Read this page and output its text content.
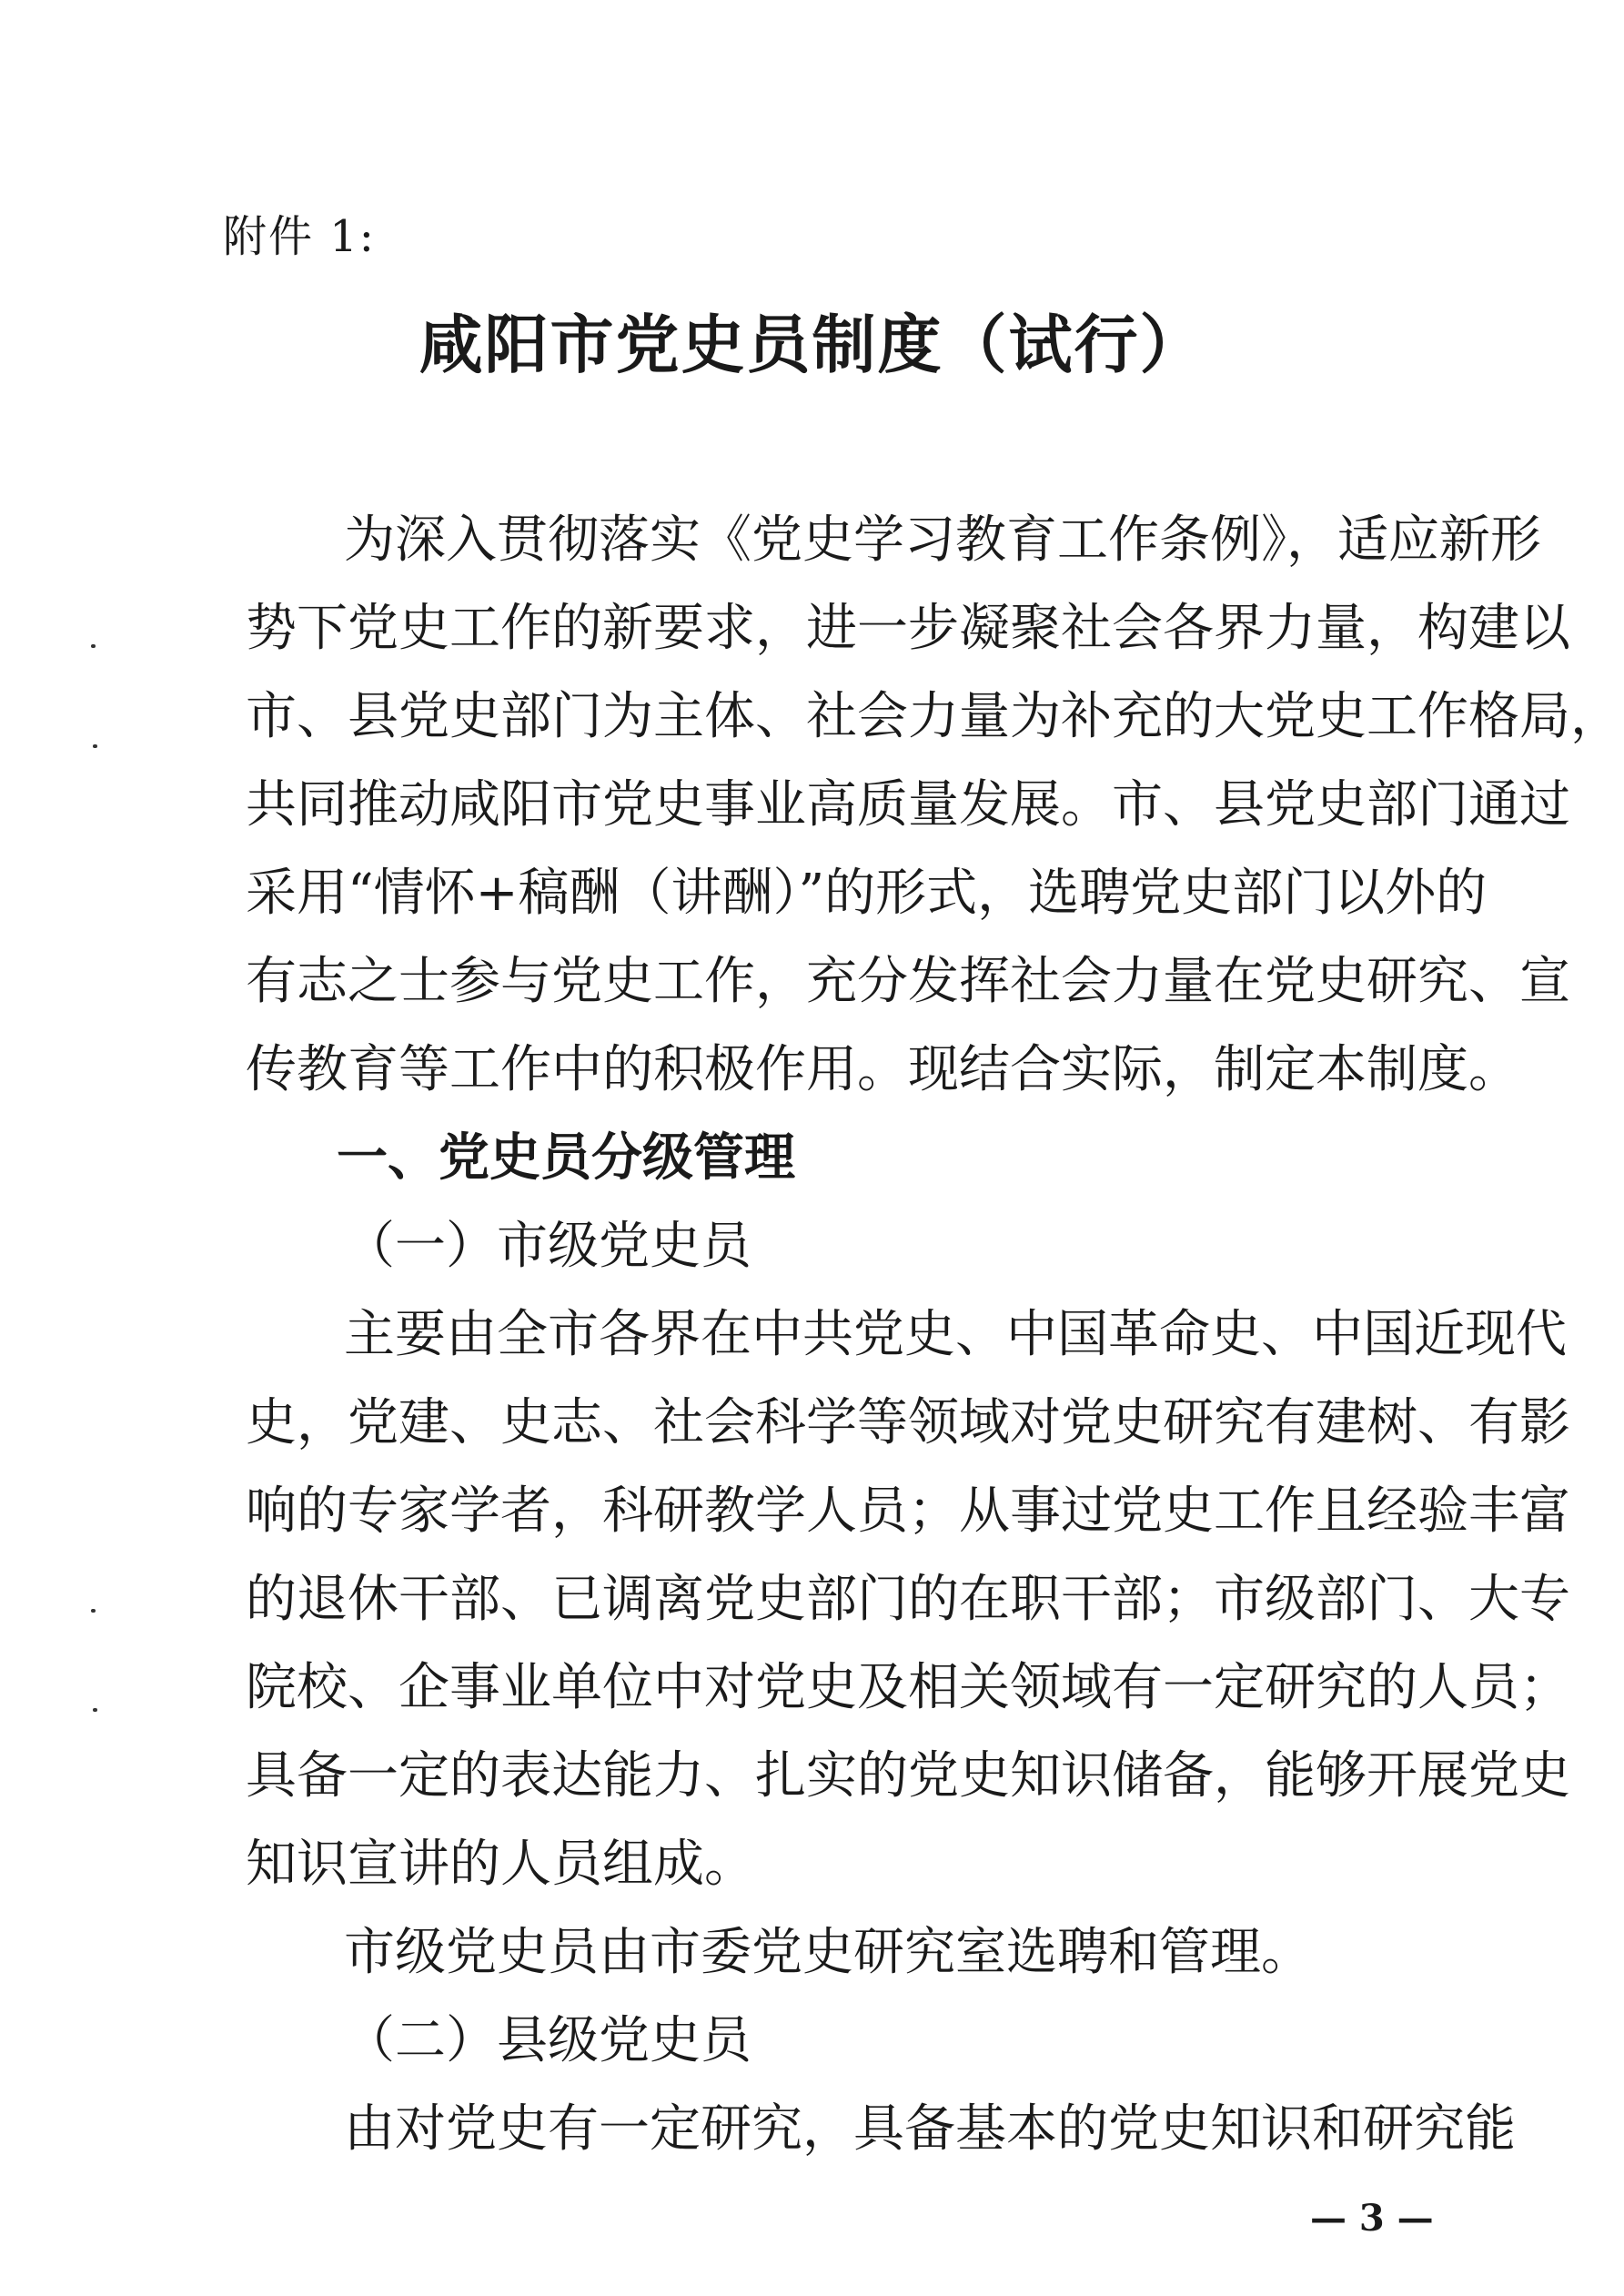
附件 1:
咸阳市党史员制度（试行）
为深入贯彻落实《党史学习教育工作条例》，适应新形
势下党史工作的新要求，进一步凝聚社会各界力量，构建以
市、县党史部门为主体、社会力量为补充的大党史工作格局，
共同推动咸阳市党史事业高质量发展。市、县党史部门通过
采用“情怀+稿酬（讲酬）”的形式，选聘党史部门以外的
有志之士参与党史工作，充分发挥社会力量在党史研究、宣
传教育等工作中的积极作用。现结合实际，制定本制度。
一、党史员分级管理
（一）市级党史员
主要由全市各界在中共党史、中国革命史、中国近现代
史，党建、史志、社会科学等领域对党史研究有建树、有影
响的专家学者，科研教学人员；从事过党史工作且经验丰富
的退休干部、已调离党史部门的在职干部；市级部门、大专
院校、企事业单位中对党史及相关领域有一定研究的人员；
具备一定的表达能力、扎实的党史知识储备，能够开展党史
知识宣讲的人员组成。
市级党史员由市委党史研究室选聘和管理。
（二）县级党史员
由对党史有一定研究，具备基本的党史知识和研究能
— 3 —
